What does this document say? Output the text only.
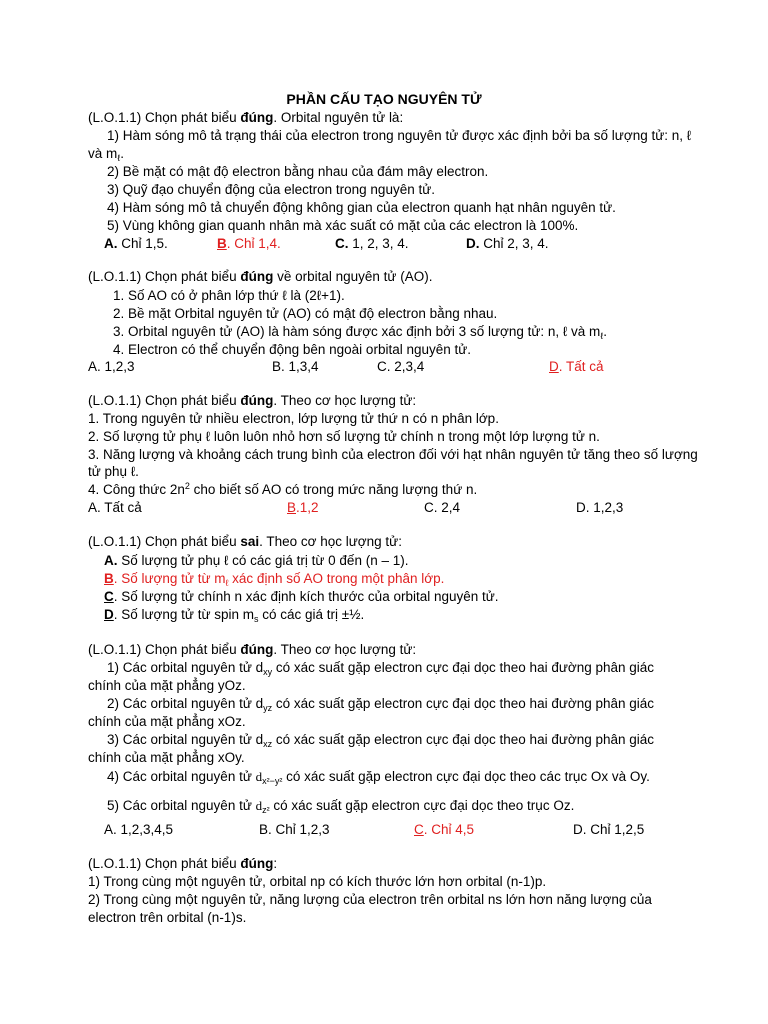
PHẦN CẤU TẠO NGUYÊN TỬ
(L.O.1.1) Chọn phát biểu đúng. Orbital nguyên tử là:
1) Hàm sóng mô tả trạng thái của electron trong nguyên tử được xác định bởi ba số lượng tử: n, ℓ
và $m_\ell$.
2) Bề mặt có mật độ electron bằng nhau của đám mây electron.
3) Quỹ đạo chuyển động của electron trong nguyên tử.
4) Hàm sóng mô tả chuyển động không gian của electron quanh hạt nhân nguyên tử.
5) Vùng không gian quanh nhân mà xác suất có mặt của các electron là 100%.
A. Chỉ 1,5.	B. Chỉ 1,4.	C. 1, 2, 3, 4.	D. Chỉ 2, 3, 4.
(L.O.1.1) Chọn phát biểu đúng về orbital nguyên tử (AO).
1. Số AO có ở phân lớp thứ ℓ là (2ℓ+1).
2. Bề mặt Orbital nguyên tử (AO) có mật độ electron bằng nhau.
3. Orbital nguyên tử (AO) là hàm sóng được xác định bởi 3 số lượng tử: n, ℓ và $m_\ell$.
4. Electron có thể chuyển động bên ngoài orbital nguyên tử.
A. 1,2,3	B. 1,3,4	C. 2,3,4	D. Tất cả
(L.O.1.1) Chọn phát biểu đúng. Theo cơ học lượng tử:
1. Trong nguyên tử nhiều electron, lớp lượng tử thứ n có n phân lớp.
2. Số lượng tử phụ ℓ luôn luôn nhỏ hơn số lượng tử chính n trong một lớp lượng tử n.
3. Năng lượng và khoảng cách trung bình của electron đối với hạt nhân nguyên tử tăng theo số lượng
tử phụ ℓ.
4. Công thức $2n^2$ cho biết số AO có trong mức năng lượng thứ n.
A. Tất cả	B.1,2	C. 2,4	D. 1,2,3
(L.O.1.1) Chọn phát biểu sai. Theo cơ học lượng tử:
A. Số lượng tử phụ ℓ có các giá trị từ 0 đến (n – 1).
B. Số lượng tử từ $m_\ell$ xác định số AO trong một phân lớp.
C. Số lượng tử chính n xác định kích thước của orbital nguyên tử.
D. Số lượng tử từ spin $m_s$ có các giá trị ±½.
(L.O.1.1) Chọn phát biểu đúng. Theo cơ học lượng tử:
1) Các orbital nguyên tử $d_{xy}$ có xác suất gặp electron cực đại dọc theo hai đường phân giác
chính của mặt phẳng yOz.
2) Các orbital nguyên tử $d_{yz}$ có xác suất gặp electron cực đại dọc theo hai đường phân giác
chính của mặt phẳng xOz.
3) Các orbital nguyên tử $d_{xz}$ có xác suất gặp electron cực đại dọc theo hai đường phân giác
chính của mặt phẳng xOy.
4) Các orbital nguyên tử $d_{x^2-y^2}$ có xác suất gặp electron cực đại dọc theo các trục Ox và Oy.
5) Các orbital nguyên tử $d_{z^2}$ có xác suất gặp electron cực đại dọc theo trục Oz.
A. 1,2,3,4,5	B. Chỉ 1,2,3	C. Chỉ 4,5	D. Chỉ 1,2,5
(L.O.1.1) Chọn phát biểu đúng:
1) Trong cùng một nguyên tử, orbital np có kích thước lớn hơn orbital (n-1)p.
2) Trong cùng một nguyên tử, năng lượng của electron trên orbital ns lớn hơn năng lượng của
electron trên orbital (n-1)s.
